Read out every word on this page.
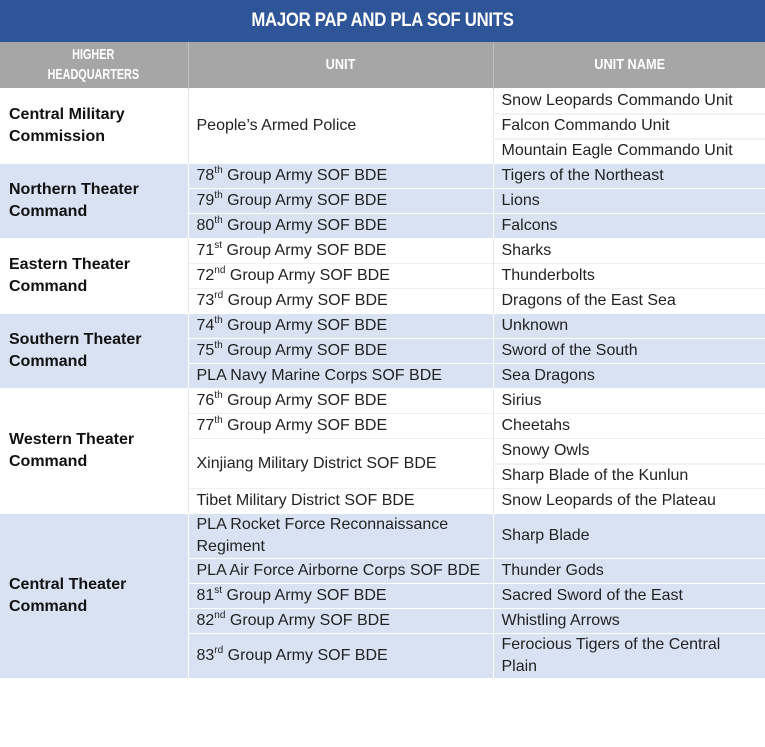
MAJOR PAP AND PLA SOF UNITS
HIGHER
HEADQUARTERS	UNIT	UNIT NAME
Central Military Commission	People’s Armed Police	Snow Leopards Commando Unit
		Falcon Commando Unit
		Mountain Eagle Commando Unit
Northern Theater Command	78th Group Army SOF BDE	Tigers of the Northeast
	79th Group Army SOF BDE	Lions
	80th Group Army SOF BDE	Falcons
Eastern Theater Command	71st Group Army SOF BDE	Sharks
	72nd Group Army SOF BDE	Thunderbolts
	73rd Group Army SOF BDE	Dragons of the East Sea
Southern Theater Command	74th Group Army SOF BDE	Unknown
	75th Group Army SOF BDE	Sword of the South
	PLA Navy Marine Corps SOF BDE	Sea Dragons
Western Theater Command	76th Group Army SOF BDE	Sirius
	77th Group Army SOF BDE	Cheetahs
	Xinjiang Military District SOF BDE	Snowy Owls
		Sharp Blade of the Kunlun
	Tibet Military District SOF BDE	Snow Leopards of the Plateau
Central Theater Command	PLA Rocket Force Reconnaissance Regiment	Sharp Blade
	PLA Air Force Airborne Corps SOF BDE	Thunder Gods
	81st Group Army SOF BDE	Sacred Sword of the East
	82nd Group Army SOF BDE	Whistling Arrows
	83rd Group Army SOF BDE	Ferocious Tigers of the Central Plain
